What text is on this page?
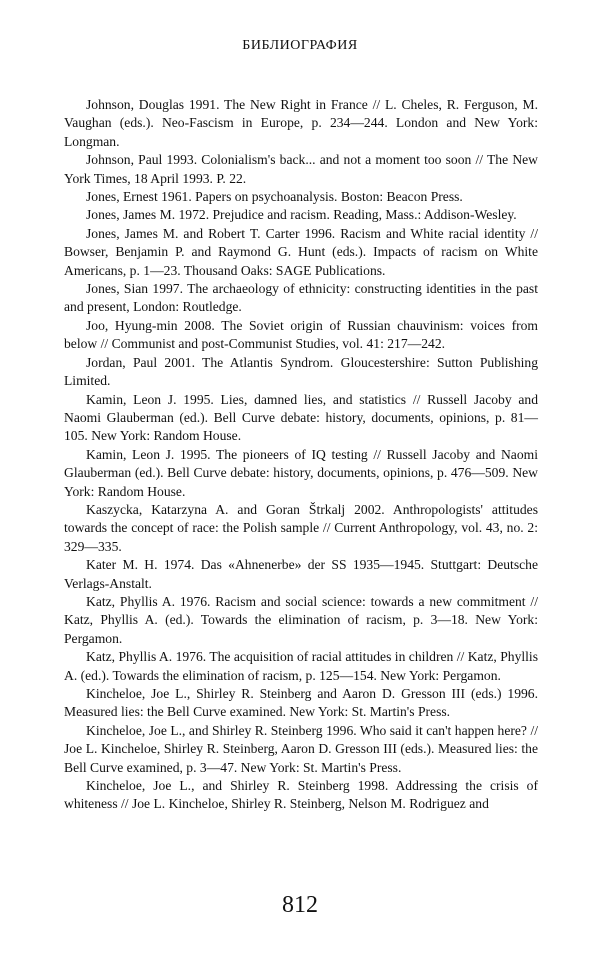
БИБЛИОГРАФИЯ

Johnson, Douglas 1991. The New Right in France // L. Cheles, R. Ferguson, M. Vaughan (eds.). Neo-Fascism in Europe, p. 234—244. London and New York: Longman.

Johnson, Paul 1993. Colonialism's back... and not a moment too soon // The New York Times, 18 April 1993. P. 22.

Jones, Ernest 1961. Papers on psychoanalysis. Boston: Beacon Press.

Jones, James M. 1972. Prejudice and racism. Reading, Mass.: Addison-Wesley.

Jones, James M. and Robert T. Carter 1996. Racism and White racial identity // Bowser, Benjamin P. and Raymond G. Hunt (eds.). Impacts of racism on White Americans, p. 1—23. Thousand Oaks: SAGE Publications.

Jones, Sian 1997. The archaeology of ethnicity: constructing identities in the past and present, London: Routledge.

Joo, Hyung-min 2008. The Soviet origin of Russian chauvinism: voices from below // Communist and post-Communist Studies, vol. 41: 217—242.

Jordan, Paul 2001. The Atlantis Syndrom. Gloucestershire: Sutton Publishing Limited.

Kamin, Leon J. 1995. Lies, damned lies, and statistics // Russell Jacoby and Naomi Glauberman (ed.). Bell Curve debate: history, documents, opinions, p. 81—105. New York: Random House.

Kamin, Leon J. 1995. The pioneers of IQ testing // Russell Jacoby and Naomi Glauberman (ed.). Bell Curve debate: history, documents, opinions, p. 476—509. New York: Random House.

Kaszycka, Katarzyna A. and Goran Štrkalj 2002. Anthropologists' attitudes towards the concept of race: the Polish sample // Current Anthropology, vol. 43, no. 2: 329—335.

Kater M. H. 1974. Das «Ahnenerbe» der SS 1935—1945. Stuttgart: Deutsche Verlags-Anstalt.

Katz, Phyllis A. 1976. Racism and social science: towards a new commitment // Katz, Phyllis A. (ed.). Towards the elimination of racism, p. 3—18. New York: Pergamon.

Katz, Phyllis A. 1976. The acquisition of racial attitudes in children // Katz, Phyllis A. (ed.). Towards the elimination of racism, p. 125—154. New York: Pergamon.

Kincheloe, Joe L., Shirley R. Steinberg and Aaron D. Gresson III (eds.) 1996. Measured lies: the Bell Curve examined. New York: St. Martin's Press.

Kincheloe, Joe L., and Shirley R. Steinberg 1996. Who said it can't happen here? // Joe L. Kincheloe, Shirley R. Steinberg, Aaron D. Gresson III (eds.). Measured lies: the Bell Curve examined, p. 3—47. New York: St. Martin's Press.

Kincheloe, Joe L., and Shirley R. Steinberg 1998. Addressing the crisis of whiteness // Joe L. Kincheloe, Shirley R. Steinberg, Nelson M. Rodriguez and

812
